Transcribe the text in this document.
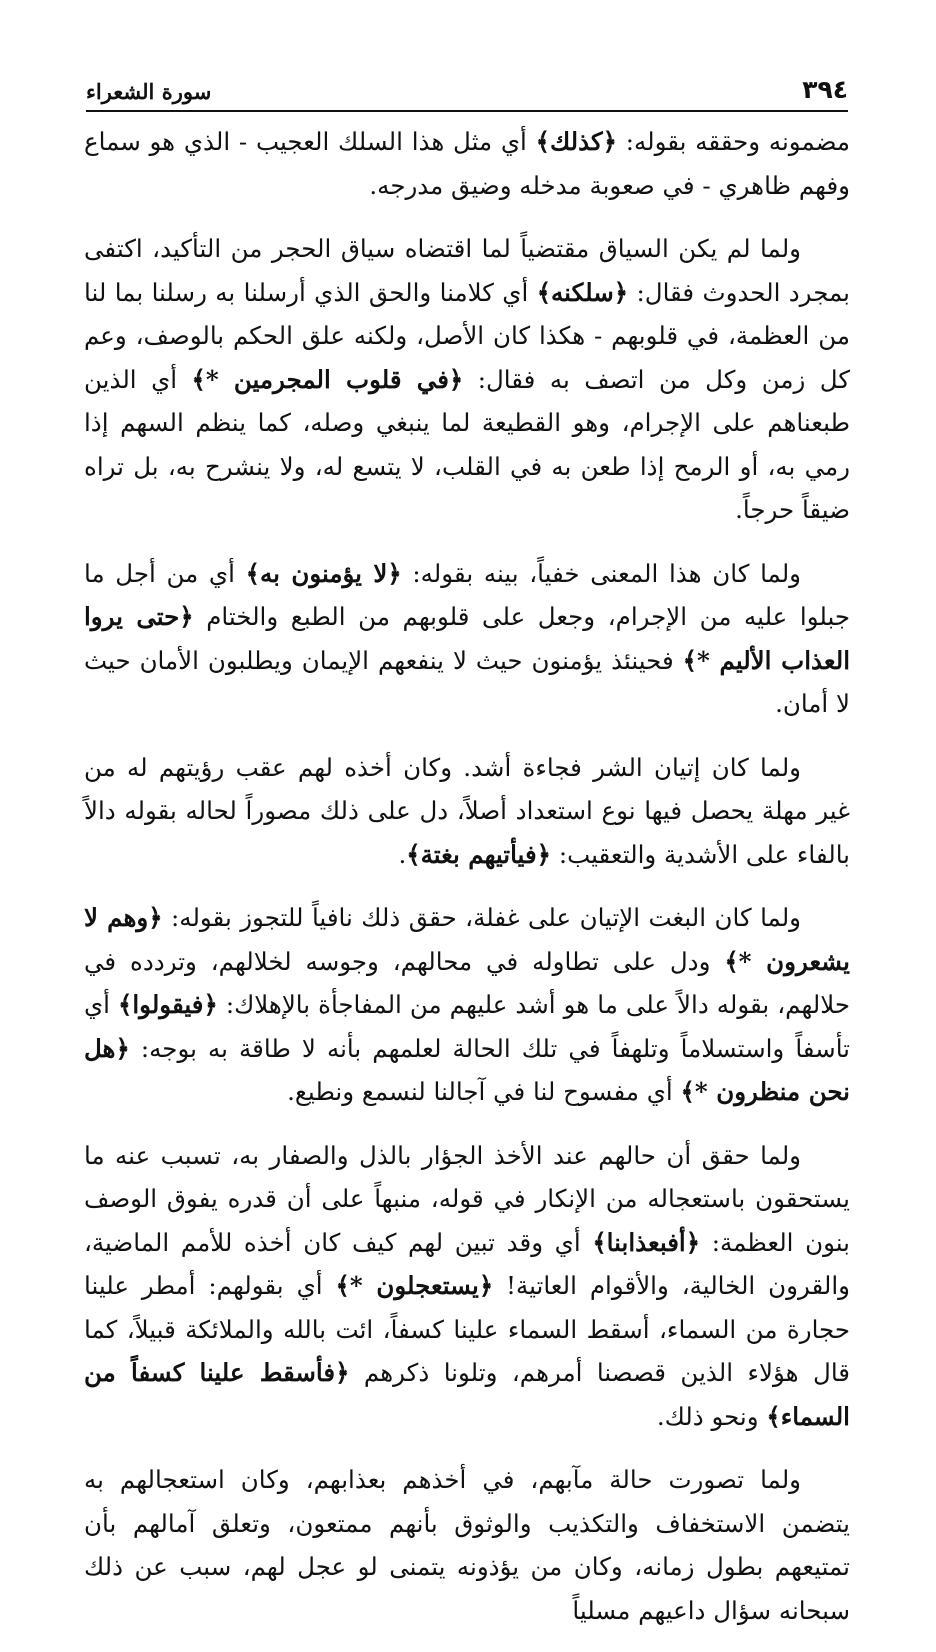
٣٩٤
سورة الشعراء

مضمونه وحققه بقوله: ﴿كذلك﴾ أي مثل هذا السلك العجيب - الذي هو سماع وفهم ظاهري - في صعوبة مدخله وضيق مدرجه.

ولما لم يكن السياق مقتضياً لما اقتضاه سياق الحجر من التأكيد، اكتفى بمجرد الحدوث فقال: ﴿سلكنه﴾ أي كلامنا والحق الذي أرسلنا به رسلنا بما لنا من العظمة، في قلوبهم - هكذا كان الأصل، ولكنه علق الحكم بالوصف، وعم كل زمن وكل من اتصف به فقال: ﴿في قلوب المجرمين *﴾ أي الذين طبعناهم على الإجرام، وهو القطيعة لما ينبغي وصله، كما ينظم السهم إذا رمي به، أو الرمح إذا طعن به في القلب، لا يتسع له، ولا ينشرح به، بل تراه ضيقاً حرجاً.

ولما كان هذا المعنى خفياً، بينه بقوله: ﴿لا يؤمنون به﴾ أي من أجل ما جبلوا عليه من الإجرام، وجعل على قلوبهم من الطبع والختام ﴿حتى يروا العذاب الأليم *﴾ فحينئذ يؤمنون حيث لا ينفعهم الإيمان ويطلبون الأمان حيث لا أمان.

ولما كان إتيان الشر فجاءة أشد. وكان أخذه لهم عقب رؤيتهم له من غير مهلة يحصل فيها نوع استعداد أصلاً، دل على ذلك مصوراً لحاله بقوله دالاً بالفاء على الأشدية والتعقيب: ﴿فيأتيهم بغتة﴾.

ولما كان البغت الإتيان على غفلة، حقق ذلك نافياً للتجوز بقوله: ﴿وهم لا يشعرون *﴾ ودل على تطاوله في محالهم، وجوسه لخلالهم، وتردده في حلالهم، بقوله دالاً على ما هو أشد عليهم من المفاجأة بالإهلاك: ﴿فيقولوا﴾ أي تأسفاً واستسلاماً وتلهفاً في تلك الحالة لعلمهم بأنه لا طاقة به بوجه: ﴿هل نحن منظرون *﴾ أي مفسوح لنا في آجالنا لنسمع ونطيع.

ولما حقق أن حالهم عند الأخذ الجؤار بالذل والصفار به، تسبب عنه ما يستحقون باستعجاله من الإنكار في قوله، منبهاً على أن قدره يفوق الوصف بنون العظمة: ﴿أفبعذابنا﴾ أي وقد تبين لهم كيف كان أخذه للأمم الماضية، والقرون الخالية، والأقوام العاتية! ﴿يستعجلون *﴾ أي بقولهم: أمطر علينا حجارة من السماء، أسقط السماء علينا كسفاً، ائت بالله والملائكة قبيلاً، كما قال هؤلاء الذين قصصنا أمرهم، وتلونا ذكرهم ﴿فأسقط علينا كسفاً من السماء﴾ ونحو ذلك.

ولما تصورت حالة مآبهم، في أخذهم بعذابهم، وكان استعجالهم به يتضمن الاستخفاف والتكذيب والوثوق بأنهم ممتعون، وتعلق آمالهم بأن تمتيعهم بطول زمانه، وكان من يؤذونه يتمنى لو عجل لهم، سبب عن ذلك سبحانه سؤال داعيهم مسلياً
